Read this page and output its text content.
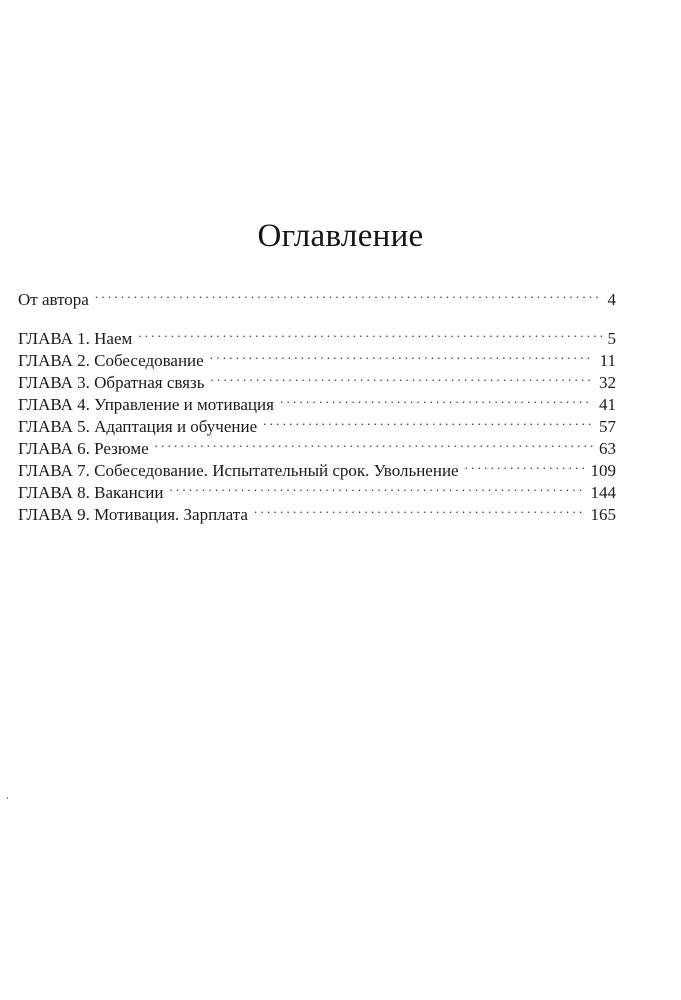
Оглавление
От автора . . .	4
ГЛАВА 1. Наем . . .	5
ГЛАВА 2. Собеседование . . .	11
ГЛАВА 3. Обратная связь . . .	32
ГЛАВА 4. Управление и мотивация . . .	41
ГЛАВА 5. Адаптация и обучение . . .	57
ГЛАВА 6. Резюме . . .	63
ГЛАВА 7. Собеседование. Испытательный срок. Увольнение . . .	109
ГЛАВА 8. Вакансии . . .	144
ГЛАВА 9. Мотивация. Зарплата . . .	165
